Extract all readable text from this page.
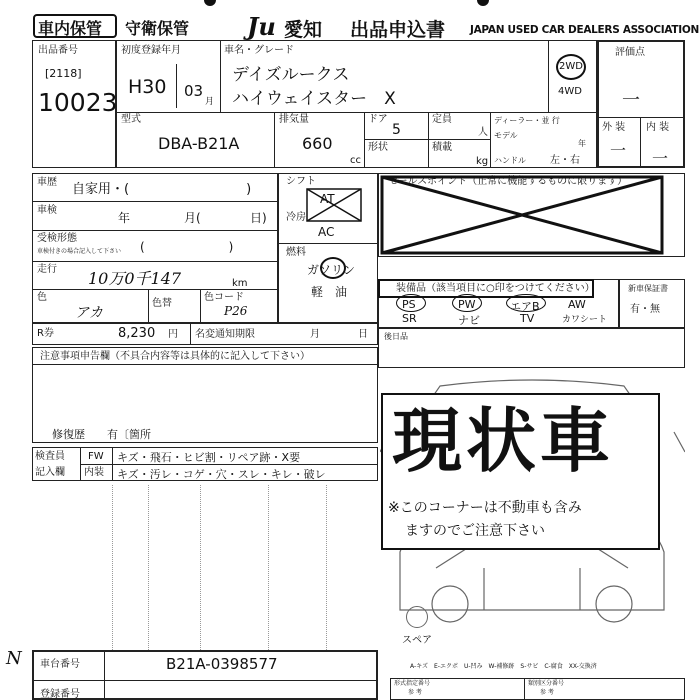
車内保管 守衛保管 Ju 愛知 出品申込書 JAPAN USED CAR DEALERS ASSOCIATION
出品番号
[2118]
10023
初度登録年月
H30 03
月
車名・グレード
デイズルークス
ハイウェイスター　X
2WD
4WD
評価点
一
外 装 内 装
一 一
型式
DBA-B21A
排気量
660
cc
ドア
5
定員
人
形状	積載
kg
ディーラー・並 行
モデル
年
ハンドル 左・右
車歴 自家用・(　　　　　　　　　)
車検
年	月(	日)
受検形態
車検付きの場合記入して下さい (　　　　　　　)
走行 10万0千147	km
色
アカ
色替
色コード
P26
R券	8,230 円 名変通知期限	月	日
シフト
AT
冷房
AC
燃料
ガソリン
軽　油
セールスポイント（正常に機能するものに限ります）
装備品（該当項目に○印をつけてください）
PS	PW	エアB	AW
SR	ナビ	TV	カワシート
新車保証書
有・無
後日品
注意事項申告欄（不具合内容等は具体的に記入して下さい）
修復歴　　有〔箇所
検査員
記入欄
FW キズ・飛石・ヒビ割・リペア跡・X要
内装 キズ・汚レ・コゲ・穴・スレ・キレ・破レ 現状車
※このコーナーは不動車も含み
ますのでご注意下さい
スペア
A-キズ　E-エクボ　U-凹み　W-補修跡　S-サビ　C-腐食　XX-交換済
車台番号	B21A-0398577
登録番号
N
形式指定番号
参 考
類別区分番号
参 考
